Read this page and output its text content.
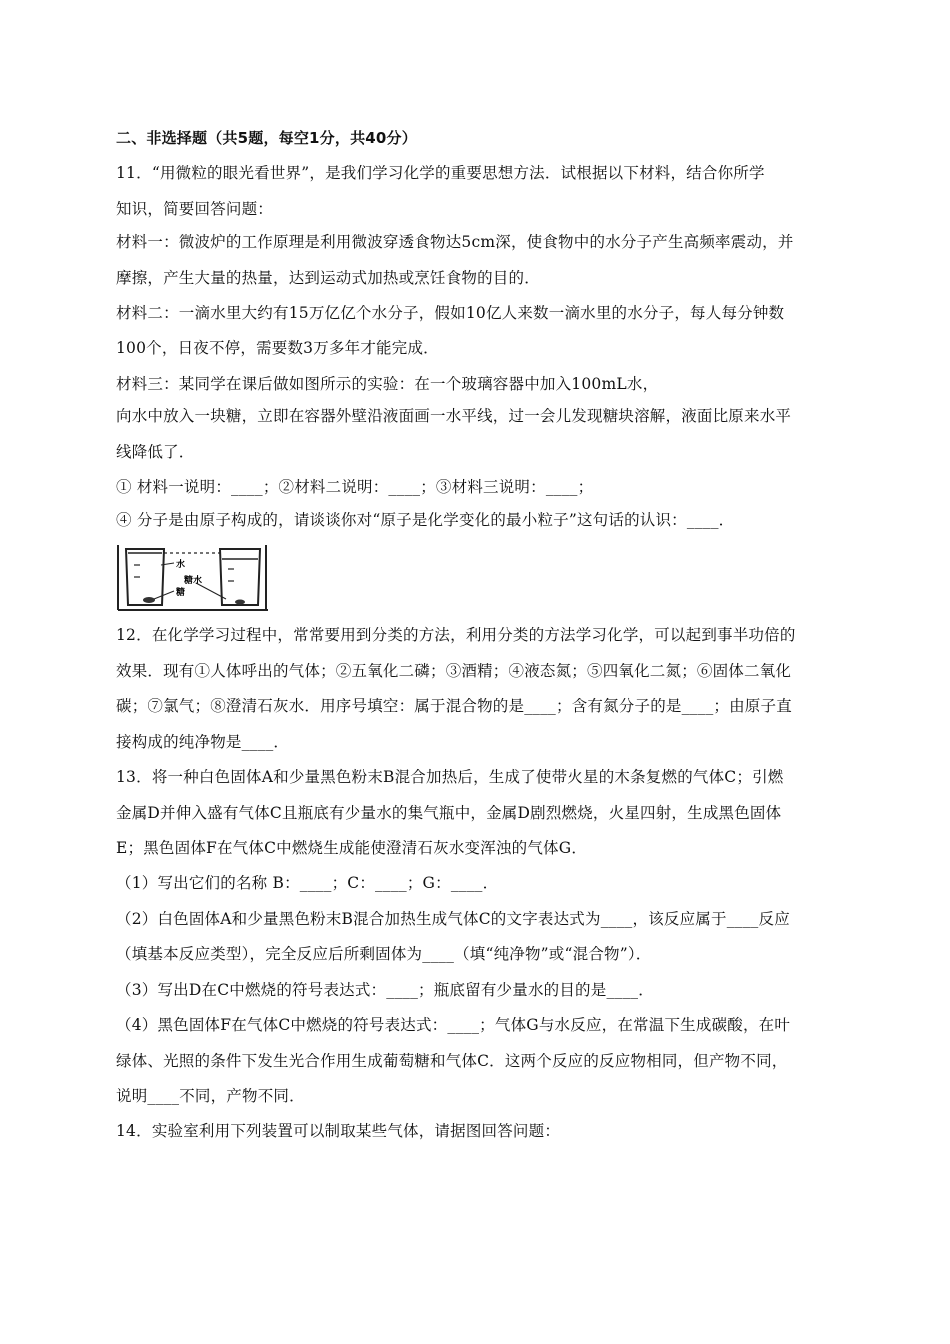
二、非选择题（共5题，每空1分，共40分）
11．“用微粒的眼光看世界”，是我们学习化学的重要思想方法．试根据以下材料，结合你所学
知识，简要回答问题：
材料一：微波炉的工作原理是利用微波穿透食物达5cm深，使食物中的水分子产生高频率震动，并
摩擦，产生大量的热量，达到运动式加热或烹饪食物的目的．
材料二：一滴水里大约有15万亿亿个水分子，假如10亿人来数一滴水里的水分子，每人每分钟数
100个，日夜不停，需要数3万多年才能完成．
材料三：某同学在课后做如图所示的实验：在一个玻璃容器中加入100mL水，
向水中放入一块糖，立即在容器外壁沿液面画一水平线，过一会儿发现糖块溶解，液面比原来水平
线降低了．
① 材料一说明：____；②材料二说明：____；③材料三说明：____；
④ 分子是由原子构成的，请谈谈你对“原子是化学变化的最小粒子”这句话的认识：____．
水
糖
糖水
12．在化学学习过程中，常常要用到分类的方法，利用分类的方法学习化学，可以起到事半功倍的
效果．现有①人体呼出的气体；②五氧化二磷；③酒精；④液态氮；⑤四氧化二氮；⑥固体二氧化
碳；⑦氯气；⑧澄清石灰水．用序号填空：属于混合物的是____；含有氮分子的是____；由原子直
接构成的纯净物是____．
13．将一种白色固体A和少量黑色粉末B混合加热后，生成了使带火星的木条复燃的气体C；引燃
金属D并伸入盛有气体C且瓶底有少量水的集气瓶中，金属D剧烈燃烧，火星四射，生成黑色固体
E；黑色固体F在气体C中燃烧生成能使澄清石灰水变浑浊的气体G．
（1）写出它们的名称 B：____；C：____；G：____．
（2）白色固体A和少量黑色粉末B混合加热生成气体C的文字表达式为____，该反应属于____反应
（填基本反应类型），完全反应后所剩固体为____（填“纯净物”或“混合物”）．
（3）写出D在C中燃烧的符号表达式：____；瓶底留有少量水的目的是____．
（4）黑色固体F在气体C中燃烧的符号表达式：____；气体G与水反应，在常温下生成碳酸，在叶
绿体、光照的条件下发生光合作用生成葡萄糖和气体C．这两个反应的反应物相同，但产物不同，
说明____不同，产物不同．
14．实验室利用下列装置可以制取某些气体，请据图回答问题：
